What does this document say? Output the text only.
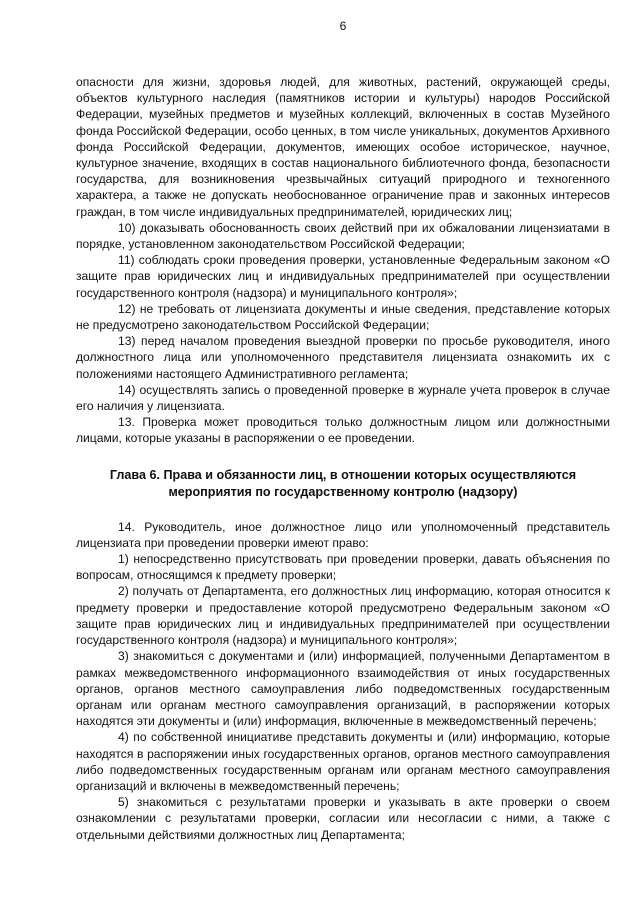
6

опасности для жизни, здоровья людей, для животных, растений, окружающей среды, объектов культурного наследия (памятников истории и культуры) народов Российской Федерации, музейных предметов и музейных коллекций, включенных в состав Музейного фонда Российской Федерации, особо ценных, в том числе уникальных, документов Архивного фонда Российской Федерации, документов, имеющих особое историческое, научное, культурное значение, входящих в состав национального библиотечного фонда, безопасности государства, для возникновения чрезвычайных ситуаций природного и техногенного характера, а также не допускать необоснованное ограничение прав и законных интересов граждан, в том числе индивидуальных предпринимателей, юридических лиц;

10) доказывать обоснованность своих действий при их обжаловании лицензиатами в порядке, установленном законодательством Российской Федерации;

11) соблюдать сроки проведения проверки, установленные Федеральным законом «О защите прав юридических лиц и индивидуальных предпринимателей при осуществлении государственного контроля (надзора) и муниципального контроля»;

12) не требовать от лицензиата документы и иные сведения, представление которых не предусмотрено законодательством Российской Федерации;

13) перед началом проведения выездной проверки по просьбе руководителя, иного должностного лица или уполномоченного представителя лицензиата ознакомить их с положениями настоящего Административного регламента;

14) осуществлять запись о проведенной проверке в журнале учета проверок в случае его наличия у лицензиата.

13. Проверка может проводиться только должностным лицом или должностными лицами, которые указаны в распоряжении о ее проведении.

Глава 6. Права и обязанности лиц, в отношении которых осуществляются мероприятия по государственному контролю (надзору)

14. Руководитель, иное должностное лицо или уполномоченный представитель лицензиата при проведении проверки имеют право:

1) непосредственно присутствовать при проведении проверки, давать объяснения по вопросам, относящимся к предмету проверки;

2) получать от Департамента, его должностных лиц информацию, которая относится к предмету проверки и предоставление которой предусмотрено Федеральным законом «О защите прав юридических лиц и индивидуальных предпринимателей при осуществлении государственного контроля (надзора) и муниципального контроля»;

3) знакомиться с документами и (или) информацией, полученными Департаментом в рамках межведомственного информационного взаимодействия от иных государственных органов, органов местного самоуправления либо подведомственных государственным органам или органам местного самоуправления организаций, в распоряжении которых находятся эти документы и (или) информация, включенные в межведомственный перечень;

4) по собственной инициативе представить документы и (или) информацию, которые находятся в распоряжении иных государственных органов, органов местного самоуправления либо подведомственных государственным органам или органам местного самоуправления организаций и включены в межведомственный перечень;

5) знакомиться с результатами проверки и указывать в акте проверки о своем ознакомлении с результатами проверки, согласии или несогласии с ними, а также с отдельными действиями должностных лиц Департамента;
